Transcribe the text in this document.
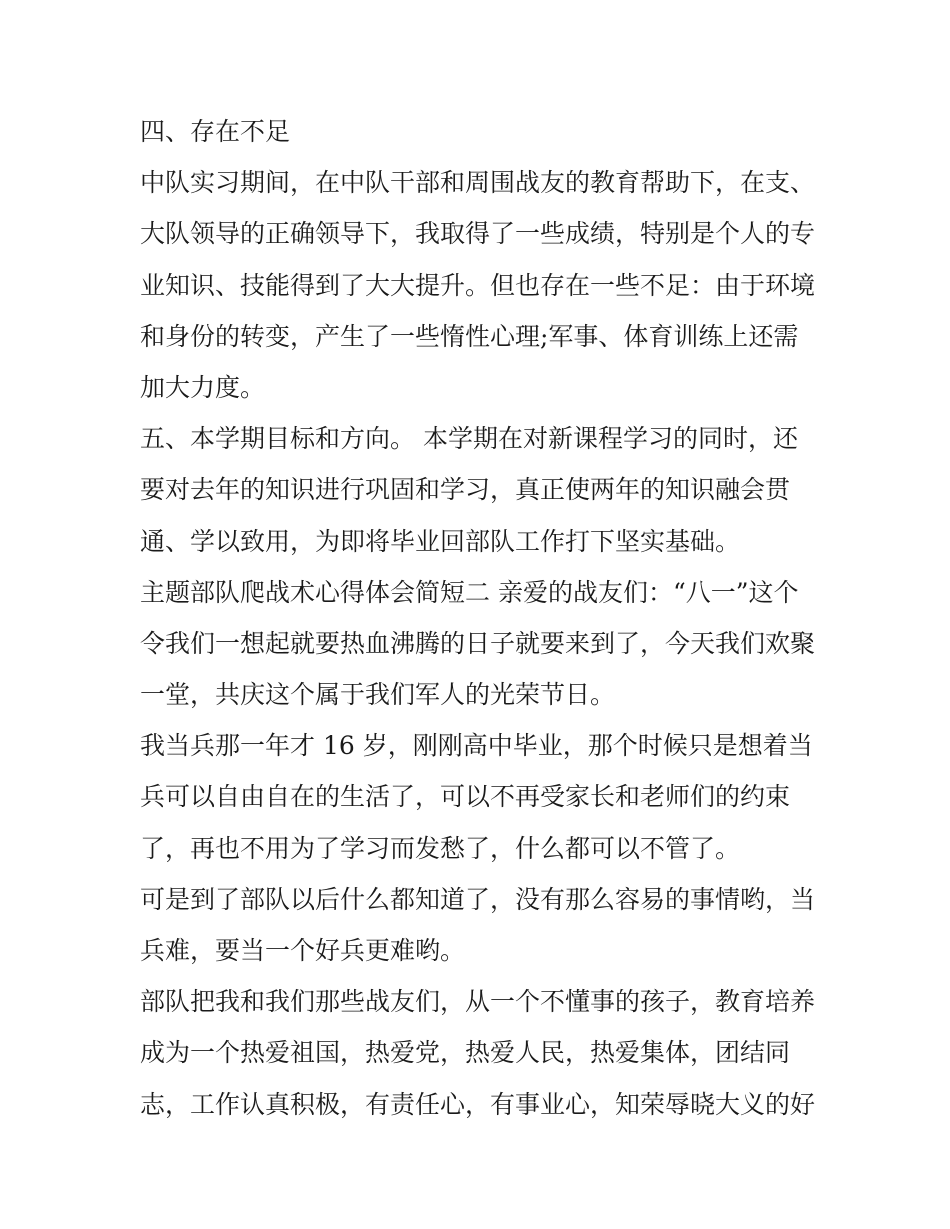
四、存在不足
中队实习期间，在中队干部和周围战友的教育帮助下，在支、
大队领导的正确领导下，我取得了一些成绩，特别是个人的专
业知识、技能得到了大大提升。但也存在一些不足：由于环境
和身份的转变，产生了一些惰性心理;军事、体育训练上还需
加大力度。
五、本学期目标和方向。 本学期在对新课程学习的同时，还
要对去年的知识进行巩固和学习，真正使两年的知识融会贯
通、学以致用，为即将毕业回部队工作打下坚实基础。
主题部队爬战术心得体会简短二 亲爱的战友们：“八一”这个
令我们一想起就要热血沸腾的日子就要来到了，今天我们欢聚
一堂，共庆这个属于我们军人的光荣节日。
我当兵那一年才 16 岁，刚刚高中毕业，那个时候只是想着当
兵可以自由自在的生活了，可以不再受家长和老师们的约束
了，再也不用为了学习而发愁了，什么都可以不管了。
可是到了部队以后什么都知道了，没有那么容易的事情哟，当
兵难，要当一个好兵更难哟。
部队把我和我们那些战友们，从一个不懂事的孩子，教育培养
成为一个热爱祖国，热爱党，热爱人民，热爱集体，团结同
志，工作认真积极，有责任心，有事业心，知荣辱晓大义的好
